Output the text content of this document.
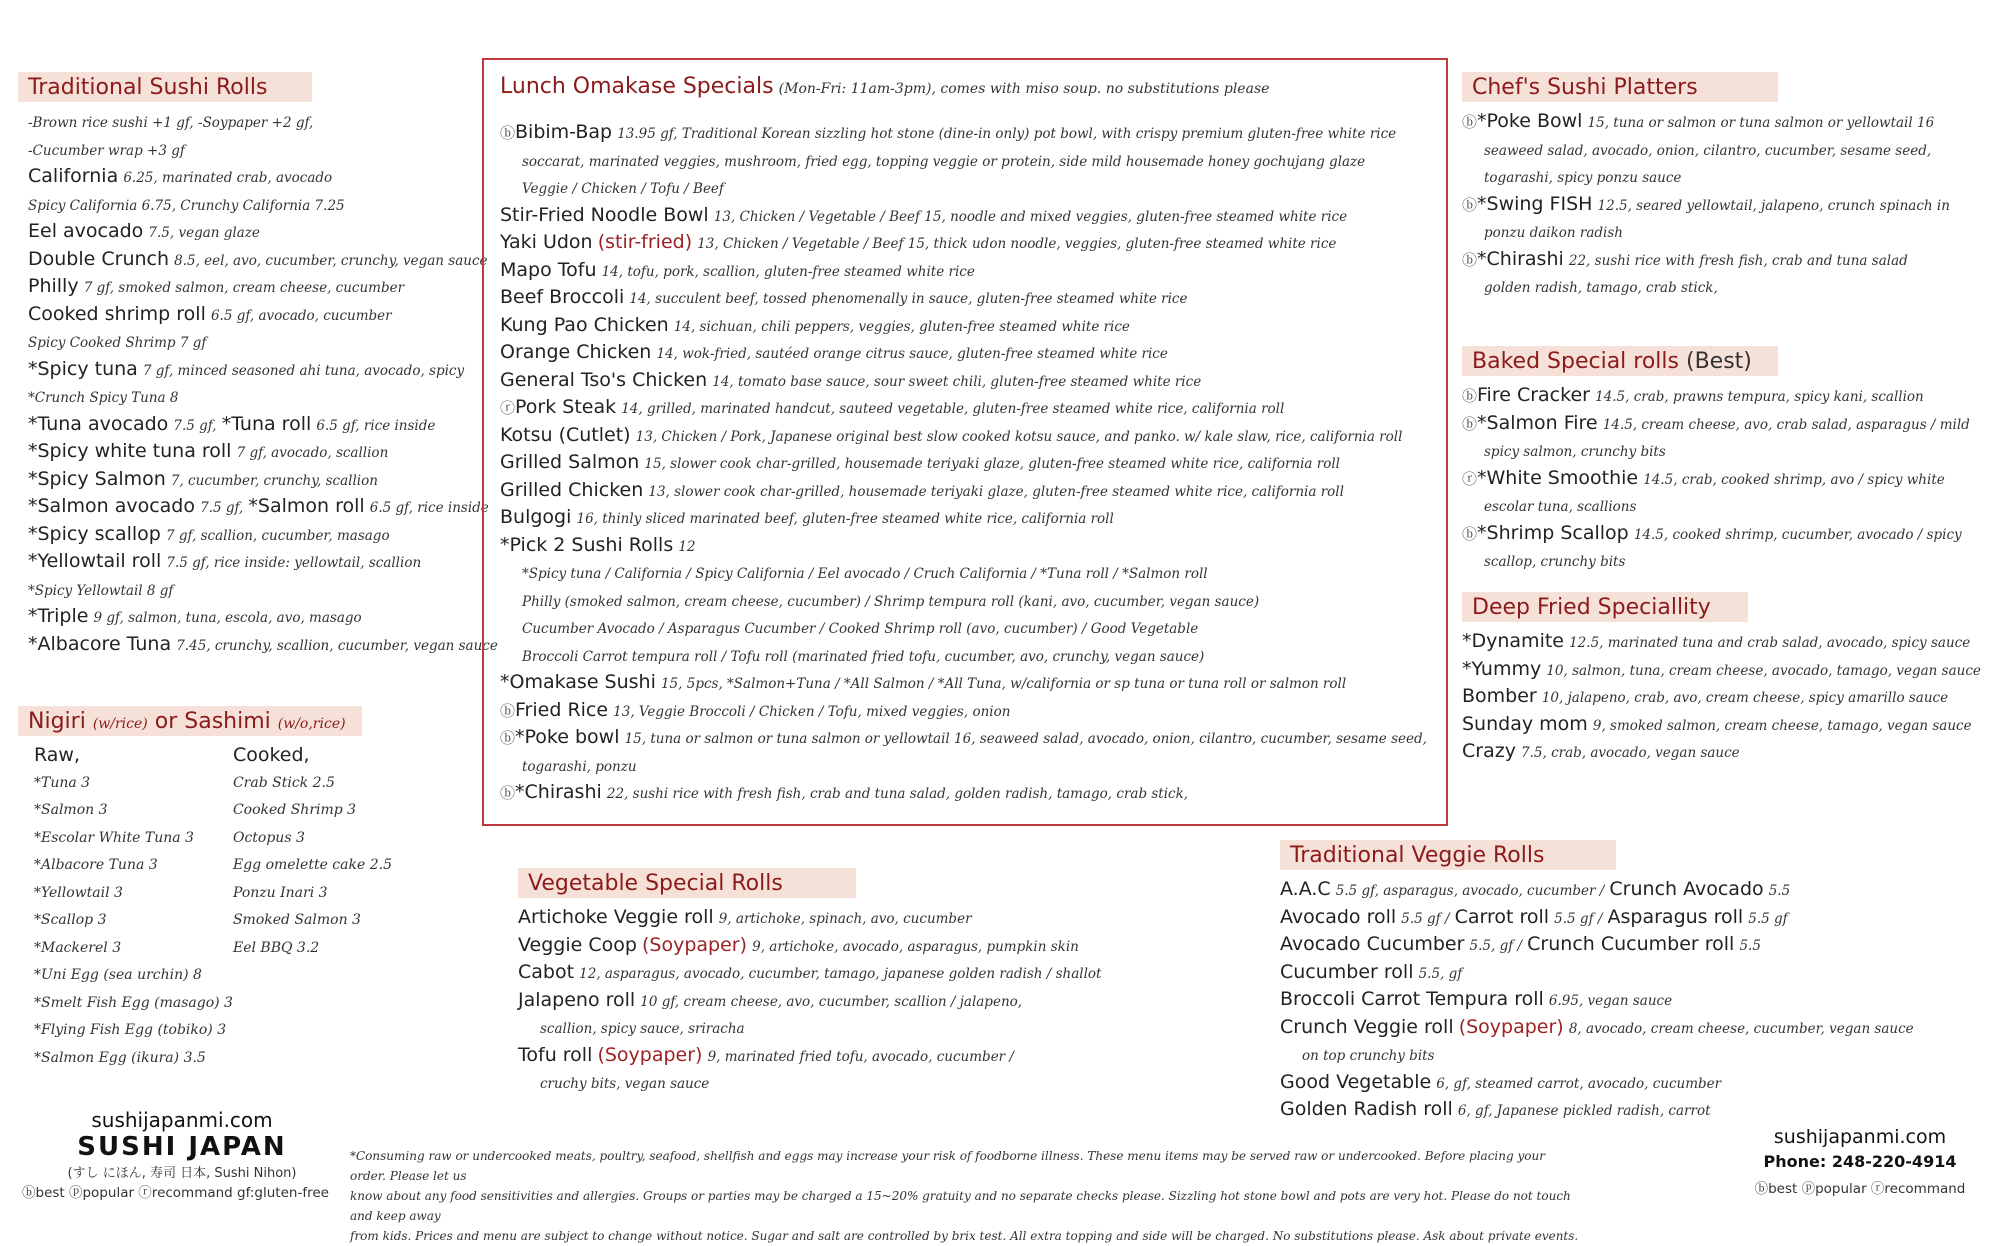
Traditional Sushi Rolls
-Brown rice sushi +1 gf, -Soypaper +2 gf,
-Cucumber wrap +3 gf
California 6.25, marinated crab, avocado
Spicy California 6.75, Crunchy California 7.25
Eel avocado 7.5, vegan glaze
Double Crunch 8.5, eel, avo, cucumber, crunchy, vegan sauce
Philly 7 gf, smoked salmon, cream cheese, cucumber
Cooked shrimp roll 6.5 gf, avocado, cucumber
Spicy Cooked Shrimp 7 gf
*Spicy tuna 7 gf, minced seasoned ahi tuna, avocado, spicy
*Crunch Spicy Tuna 8
*Tuna avocado 7.5 gf, *Tuna roll 6.5 gf, rice inside
*Spicy white tuna roll 7 gf, avocado, scallion
*Spicy Salmon 7, cucumber, crunchy, scallion
*Salmon avocado 7.5 gf, *Salmon roll 6.5 gf, rice inside
*Spicy scallop 7 gf, scallion, cucumber, masago
*Yellowtail roll 7.5 gf, rice inside: yellowtail, scallion
*Spicy Yellowtail 8 gf
*Triple 9 gf, salmon, tuna, escola, avo, masago
*Albacore Tuna 7.45, crunchy, scallion, cucumber, vegan sauce
Nigiri (w/rice) or Sashimi (w/o,rice)
Raw,
*Tuna 3
*Salmon 3
*Escolar White Tuna 3
*Albacore Tuna 3
*Yellowtail 3
*Scallop 3
*Mackerel 3
*Uni Egg (sea urchin) 8
*Smelt Fish Egg (masago) 3
*Flying Fish Egg (tobiko) 3
*Salmon Egg (ikura) 3.5
Cooked,
Crab Stick 2.5
Cooked Shrimp 3
Octopus 3
Egg omelette cake 2.5
Ponzu Inari 3
Smoked Salmon 3
Eel BBQ 3.2
Lunch Omakase Specials (Mon-Fri: 11am-3pm), comes with miso soup. no substitutions please
ⓑBibim-Bap 13.95 gf, Traditional Korean sizzling hot stone (dine-in only) pot bowl, with crispy premium gluten-free white rice
soccarat, marinated veggies, mushroom, fried egg, topping veggie or protein, side mild housemade honey gochujang glaze
Veggie / Chicken / Tofu / Beef
Stir-Fried Noodle Bowl 13, Chicken / Vegetable / Beef 15, noodle and mixed veggies, gluten-free steamed white rice
Yaki Udon (stir-fried) 13, Chicken / Vegetable / Beef 15, thick udon noodle, veggies, gluten-free steamed white rice
Mapo Tofu 14, tofu, pork, scallion, gluten-free steamed white rice
Beef Broccoli 14, succulent beef, tossed phenomenally in sauce, gluten-free steamed white rice
Kung Pao Chicken 14, sichuan, chili peppers, veggies, gluten-free steamed white rice
Orange Chicken 14, wok-fried, sautéed orange citrus sauce, gluten-free steamed white rice
General Tso's Chicken 14, tomato base sauce, sour sweet chili, gluten-free steamed white rice
ⓡPork Steak 14, grilled, marinated handcut, sauteed vegetable, gluten-free steamed white rice, california roll
Kotsu (Cutlet) 13, Chicken / Pork, Japanese original best slow cooked kotsu sauce, and panko. w/ kale slaw, rice, california roll
Grilled Salmon 15, slower cook char-grilled, housemade teriyaki glaze, gluten-free steamed white rice, california roll
Grilled Chicken 13, slower cook char-grilled, housemade teriyaki glaze, gluten-free steamed white rice, california roll
Bulgogi 16, thinly sliced marinated beef, gluten-free steamed white rice, california roll
*Pick 2 Sushi Rolls 12
*Spicy tuna / California / Spicy California / Eel avocado / Cruch California / *Tuna roll / *Salmon roll
Philly (smoked salmon, cream cheese, cucumber) / Shrimp tempura roll (kani, avo, cucumber, vegan sauce)
Cucumber Avocado / Asparagus Cucumber / Cooked Shrimp roll (avo, cucumber) / Good Vegetable
Broccoli Carrot tempura roll / Tofu roll (marinated fried tofu, cucumber, avo, crunchy, vegan sauce)
*Omakase Sushi 15, 5pcs, *Salmon+Tuna / *All Salmon / *All Tuna, w/california or sp tuna or tuna roll or salmon roll
ⓑFried Rice 13, Veggie Broccoli / Chicken / Tofu, mixed veggies, onion
ⓑ*Poke bowl 15, tuna or salmon or tuna salmon or yellowtail 16, seaweed salad, avocado, onion, cilantro, cucumber, sesame seed,
togarashi, ponzu
ⓑ*Chirashi 22, sushi rice with fresh fish, crab and tuna salad, golden radish, tamago, crab stick,
Chef's Sushi Platters
ⓑ*Poke Bowl 15, tuna or salmon or tuna salmon or yellowtail 16
seaweed salad, avocado, onion, cilantro, cucumber, sesame seed,
togarashi, spicy ponzu sauce
ⓑ*Swing FISH 12.5, seared yellowtail, jalapeno, crunch spinach in
ponzu daikon radish
ⓑ*Chirashi 22, sushi rice with fresh fish, crab and tuna salad
golden radish, tamago, crab stick,
Baked Special rolls (Best)
ⓑFire Cracker 14.5, crab, prawns tempura, spicy kani, scallion
ⓑ*Salmon Fire 14.5, cream cheese, avo, crab salad, asparagus / mild
spicy salmon, crunchy bits
ⓡ*White Smoothie 14.5, crab, cooked shrimp, avo / spicy white
escolar tuna, scallions
ⓑ*Shrimp Scallop 14.5, cooked shrimp, cucumber, avocado / spicy
scallop, crunchy bits
Deep Fried Speciallity
*Dynamite 12.5, marinated tuna and crab salad, avocado, spicy sauce
*Yummy 10, salmon, tuna, cream cheese, avocado, tamago, vegan sauce
Bomber 10, jalapeno, crab, avo, cream cheese, spicy amarillo sauce
Sunday mom 9, smoked salmon, cream cheese, tamago, vegan sauce
Crazy 7.5, crab, avocado, vegan sauce
Vegetable Special Rolls
Artichoke Veggie roll 9, artichoke, spinach, avo, cucumber
Veggie Coop (Soypaper) 9, artichoke, avocado, asparagus, pumpkin skin
Cabot 12, asparagus, avocado, cucumber, tamago, japanese golden radish / shallot
Jalapeno roll 10 gf, cream cheese, avo, cucumber, scallion / jalapeno,
scallion, spicy sauce, sriracha
Tofu roll (Soypaper) 9, marinated fried tofu, avocado, cucumber /
cruchy bits, vegan sauce
Traditional Veggie Rolls
A.A.C 5.5 gf, asparagus, avocado, cucumber / Crunch Avocado 5.5
Avocado roll 5.5 gf / Carrot roll 5.5 gf / Asparagus roll 5.5 gf
Avocado Cucumber 5.5, gf / Crunch Cucumber roll 5.5
Cucumber roll 5.5, gf
Broccoli Carrot Tempura roll 6.95, vegan sauce
Crunch Veggie roll (Soypaper) 8, avocado, cream cheese, cucumber, vegan sauce
on top crunchy bits
Good Vegetable 6, gf, steamed carrot, avocado, cucumber
Golden Radish roll 6, gf, Japanese pickled radish, carrot
sushijapanmi.com
SUSHI JAPAN
(すし にほん, 寿司 日本, Sushi Nihon)
ⓑbest ⓟpopular ⓡrecommand gf:gluten-free
*Consuming raw or undercooked meats, poultry, seafood, shellfish and eggs may increase your risk of foodborne illness. These menu items may be served raw or undercooked. Before placing your order. Please let us
know about any food sensitivities and allergies. Groups or parties may be charged a 15~20% gratuity and no separate checks please. Sizzling hot stone bowl and pots are very hot. Please do not touch and keep away
from kids. Prices and menu are subject to change without notice. Sugar and salt are controlled by brix test. All extra topping and side will be charged. No substitutions please. Ask about private events.
sushijapanmi.com
Phone: 248-220-4914
ⓑbest ⓟpopular ⓡrecommand
